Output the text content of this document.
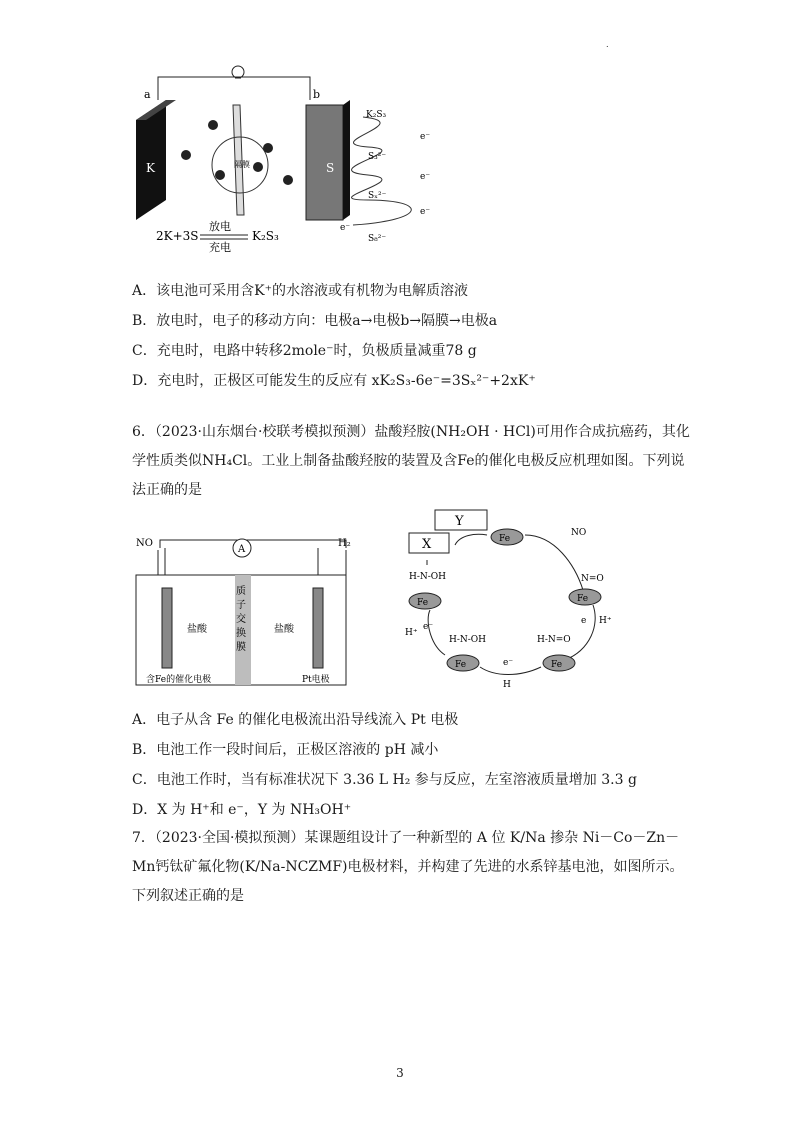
.
a	b
K	隔膜	S
K₂S₃
e⁻
S₃²⁻
e⁻
Sₓ²⁻
e⁻
S₈²⁻
e⁻
2K+3S
放电
充电
K₂S₃
A．该电池可采用含K⁺的水溶液或有机物为电解质溶液
B．放电时，电子的移动方向：电极a→电极b→隔膜→电极a
C．充电时，电路中转移2mole⁻时，负极质量减重78 g
D．充电时，正极区可能发生的反应有 xK₂S₃-6e⁻=3Sₓ²⁻+2xK⁺
6．（2023·山东烟台·校联考模拟预测）盐酸羟胺(NH₂OH · HCl)可用作合成抗癌药，其化学性质类似NH₄Cl。工业上制备盐酸羟胺的装置及含Fe的催化电极反应机理如图。下列说法正确的是
A
NO	H₂
质
子
交
换
膜
盐酸	盐酸
含Fe的催化电极	Pt电极
Y
X	Fe
NO
Fe
N=O
H⁺
e
Fe
H-N=O
e⁻
H
Fe
H-N-OH
H⁺
e⁻
Fe
H-N-OH
A．电子从含 Fe 的催化电极流出沿导线流入 Pt 电极
B．电池工作一段时间后，正极区溶液的 pH 减小
C．电池工作时，当有标准状况下 3.36 L H₂ 参与反应，左室溶液质量增加 3.3 g
D．X 为 H⁺和 e⁻，Y 为 NH₃OH⁺
7．（2023·全国·模拟预测）某课题组设计了一种新型的 A 位 K/Na 掺杂 Ni－Co－Zn－Mn钙钛矿氟化物(K/Na-NCZMF)电极材料，并构建了先进的水系锌基电池，如图所示。下列叙述正确的是
3
